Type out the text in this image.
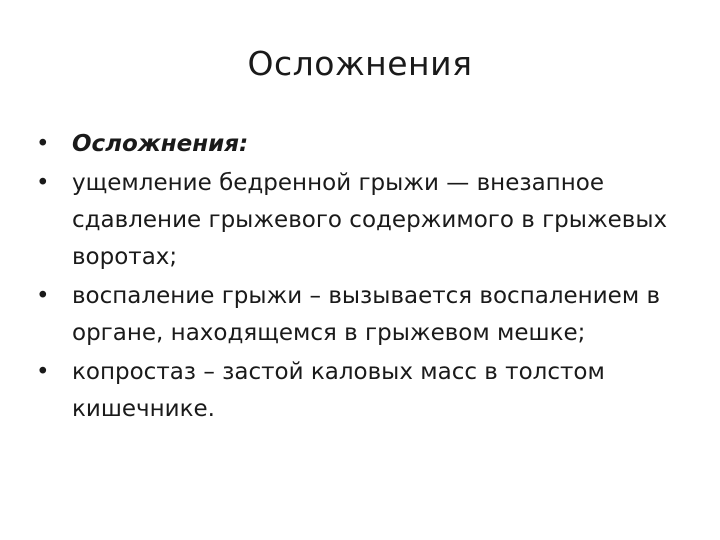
Осложнения
• Осложнения:
• ущемление бедренной грыжи — внезапное сдавление грыжевого содержимого в грыжевых воротах;
• воспаление грыжи – вызывается воспалением в органе, находящемся в грыжевом мешке;
• копростаз – застой каловых масс в толстом кишечнике.
